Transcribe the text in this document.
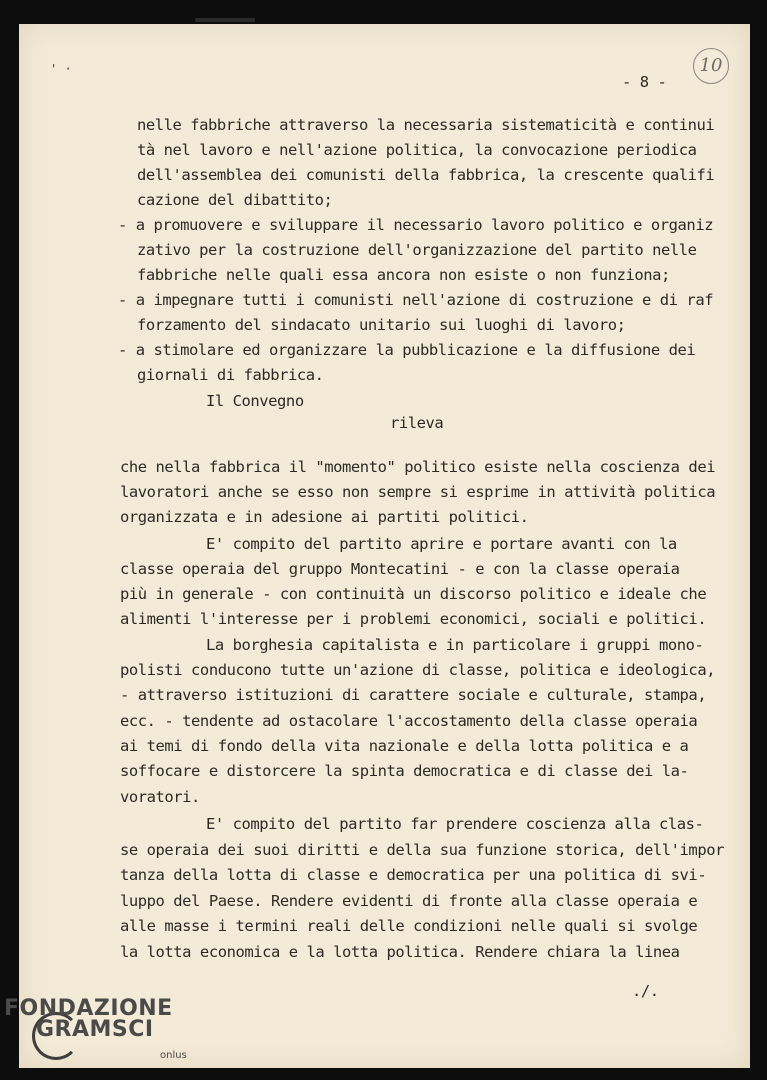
' ·
- 8 -
10
nelle fabbriche attraverso la necessaria sistematicità e continui
tà nel lavoro e nell'azione politica, la convocazione periodica
dell'assemblea dei comunisti della fabbrica, la crescente qualifi
cazione del dibattito;
- a promuovere e sviluppare il necessario lavoro politico e organiz
zativo per la costruzione dell'organizzazione del partito nelle
fabbriche nelle quali essa ancora non esiste o non funziona;
- a impegnare tutti i comunisti nell'azione di costruzione e di raf
forzamento del sindacato unitario sui luoghi di lavoro;
- a stimolare ed organizzare la pubblicazione e la diffusione dei
giornali di fabbrica.
Il Convegno
rileva
che nella fabbrica il "momento" politico esiste nella coscienza dei
lavoratori anche se esso non sempre si esprime in attività politica
organizzata e in adesione ai partiti politici.
E' compito del partito aprire e portare avanti con la
classe operaia del gruppo Montecatini - e con la classe operaia
più in generale - con continuità un discorso politico e ideale che
alimenti l'interesse per i problemi economici, sociali e politici.
La borghesia capitalista e in particolare i gruppi mono-
polisti conducono tutte un'azione di classe, politica e ideologica,
- attraverso istituzioni di carattere sociale e culturale, stampa,
ecc. - tendente ad ostacolare l'accostamento della classe operaia
ai temi di fondo della vita nazionale e della lotta politica e a
soffocare e distorcere la spinta democratica e di classe dei la-
voratori.
E' compito del partito far prendere coscienza alla clas-
se operaia dei suoi diritti e della sua funzione storica, dell'impor
tanza della lotta di classe e democratica per una politica di svi-
luppo del Paese. Rendere evidenti di fronte alla classe operaia e
alle masse i termini reali delle condizioni nelle quali si svolge
la lotta economica e la lotta politica. Rendere chiara la linea
./.
FONDAZIONE
GRAMSCI
onlus
